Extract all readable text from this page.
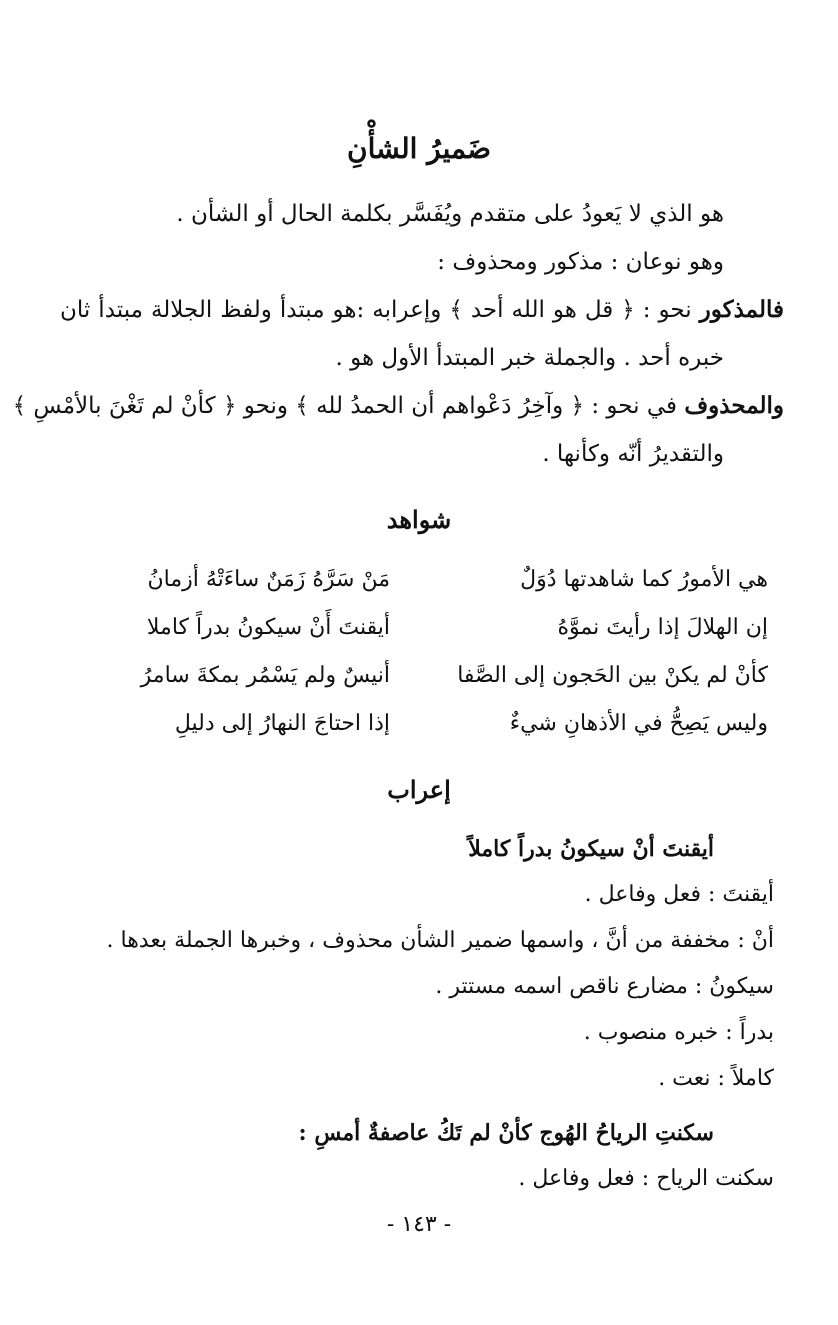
ضَميرُ الشأْنِ
هو الذي لا يَعودُ على متقدم ويُفَسَّر بكلمة الحال أو الشأن .
وهو نوعان : مذكور ومحذوف :
فالمذكور نحو : ﴿ قل هو الله أحد ﴾ وإعرابه :هو مبتدأ ولفظ الجلالة مبتدأ ثان
خبره أحد . والجملة خبر المبتدأ الأول هو .
والمحذوف في نحو : ﴿ وآخِرُ دَعْواهم أن الحمدُ لله ﴾ ونحو ﴿ كأنْ لم تَغْنَ بالأمْسِ ﴾
والتقديرُ أنّه وكأنها .
شواهد
هي الأمورُ كما شاهدتها دُوَلٌ
مَنْ سَرَّهُ زَمَنٌ ساءَتْهُ أزمانُ
إن الهلالَ إذا رأيتَ نموَّهُ
أيقنتَ أَنْ سيكونُ بدراً كاملا
كأنْ لم يكنْ بين الحَجون إلى الصَّفا
أنيسٌ ولم يَسْمُر بمكةَ سامرُ
وليس يَصِحُّ في الأذهانِ شيءٌ
إذا احتاجَ النهارُ إلى دليلِ
إعراب
أيقنتَ أنْ سيكونُ بدراً كاملاً
أيقنتَ : فعل وفاعل .
أنْ : مخففة من أنَّ ، واسمها ضمير الشأن محذوف ، وخبرها الجملة بعدها .
سيكونُ : مضارع ناقص اسمه مستتر .
بدراً : خبره منصوب .
كاملاً : نعت .
سكنتِ الرياحُ الهُوج كأنْ لم تَكُ عاصفةٌ أمسِ :
سكنت الرياح : فعل وفاعل .
- ١٤٣ -
